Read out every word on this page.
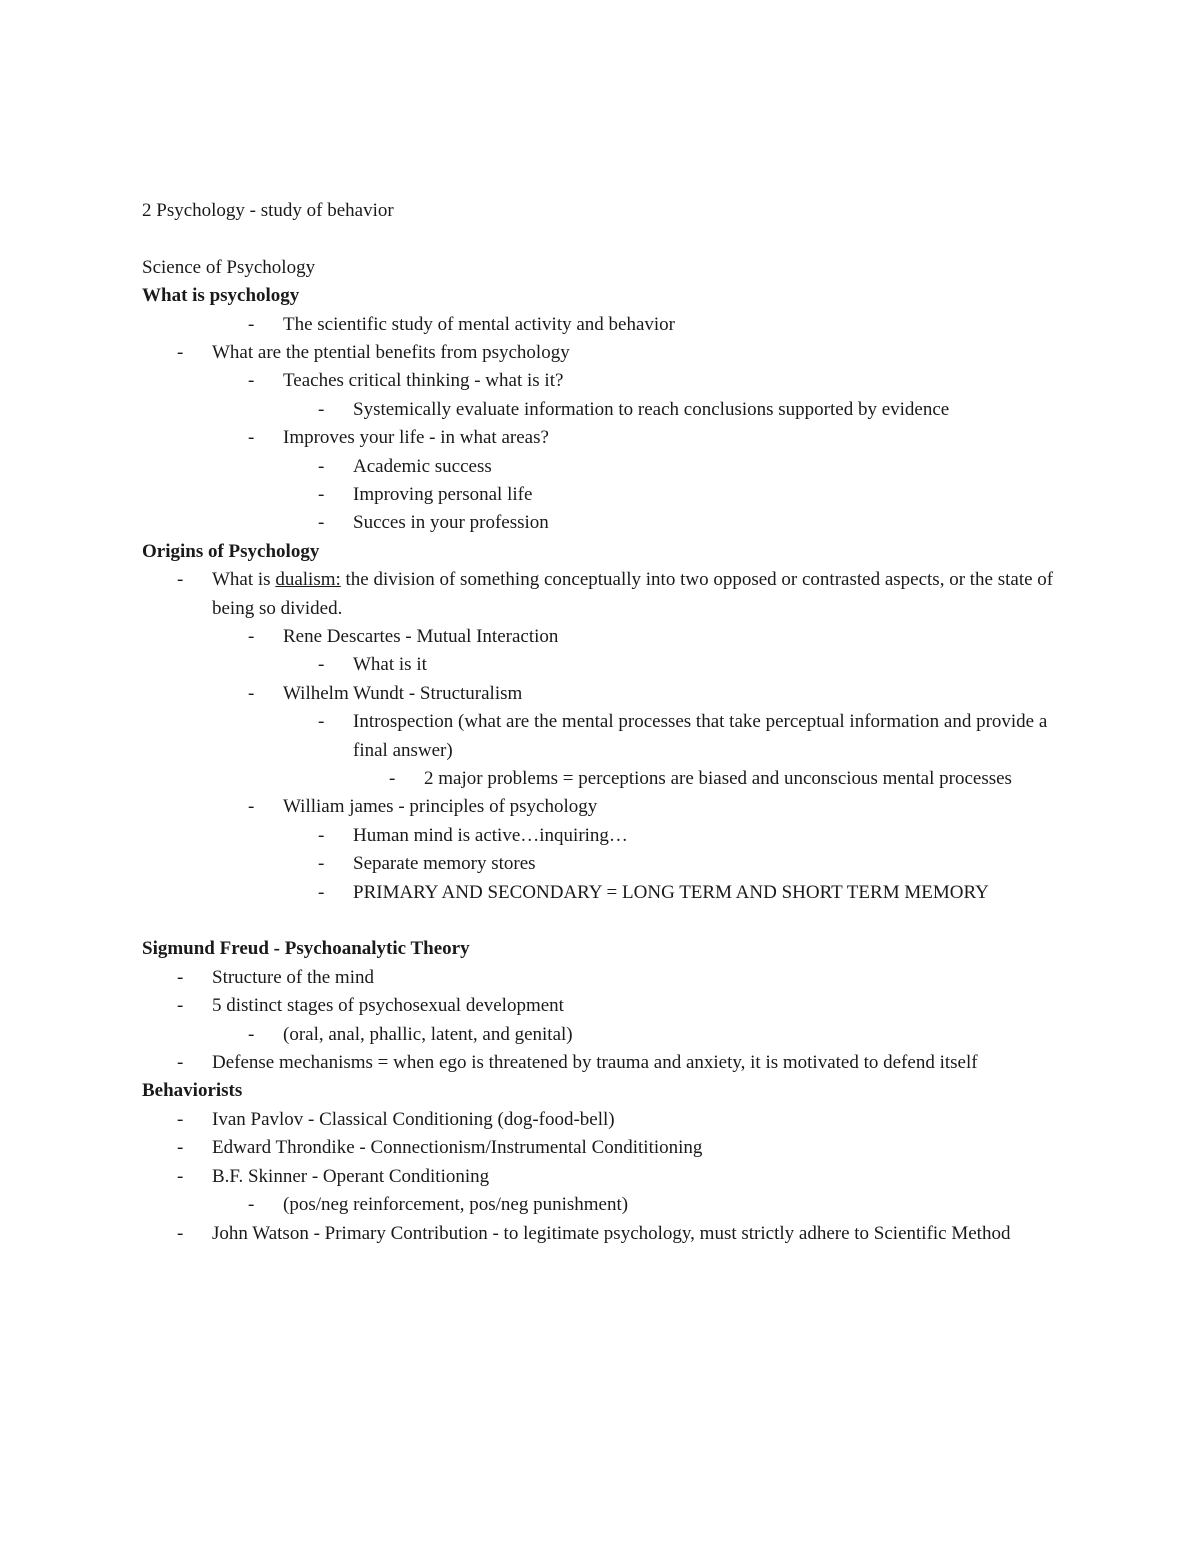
2 Psychology - study of behavior
Science of Psychology
What is psychology
- The scientific study of mental activity and behavior
- What are the ptential benefits from psychology
- Teaches critical thinking - what is it?
- Systemically evaluate information to reach conclusions supported by evidence
- Improves your life - in what areas?
- Academic success
- Improving personal life
- Succes in your profession
Origins of Psychology
- What is dualism: the division of something conceptually into two opposed or contrasted aspects, or the state of being so divided.
- Rene Descartes - Mutual Interaction
- What is it
- Wilhelm Wundt - Structuralism
- Introspection (what are the mental processes that take perceptual information and provide a final answer)
- 2 major problems = perceptions are biased and unconscious mental processes
- William james - principles of psychology
- Human mind is active…inquiring…
- Separate memory stores
- PRIMARY AND SECONDARY = LONG TERM AND SHORT TERM MEMORY
Sigmund Freud - Psychoanalytic Theory
- Structure of the mind
- 5 distinct stages of psychosexual development
- (oral, anal, phallic, latent, and genital)
- Defense mechanisms = when ego is threatened by trauma and anxiety, it is motivated to defend itself
Behaviorists
- Ivan Pavlov - Classical Conditioning (dog-food-bell)
- Edward Throndike - Connectionism/Instrumental Condititioning
- B.F. Skinner - Operant Conditioning
- (pos/neg reinforcement, pos/neg punishment)
- John Watson - Primary Contribution - to legitimate psychology, must strictly adhere to Scientific Method
